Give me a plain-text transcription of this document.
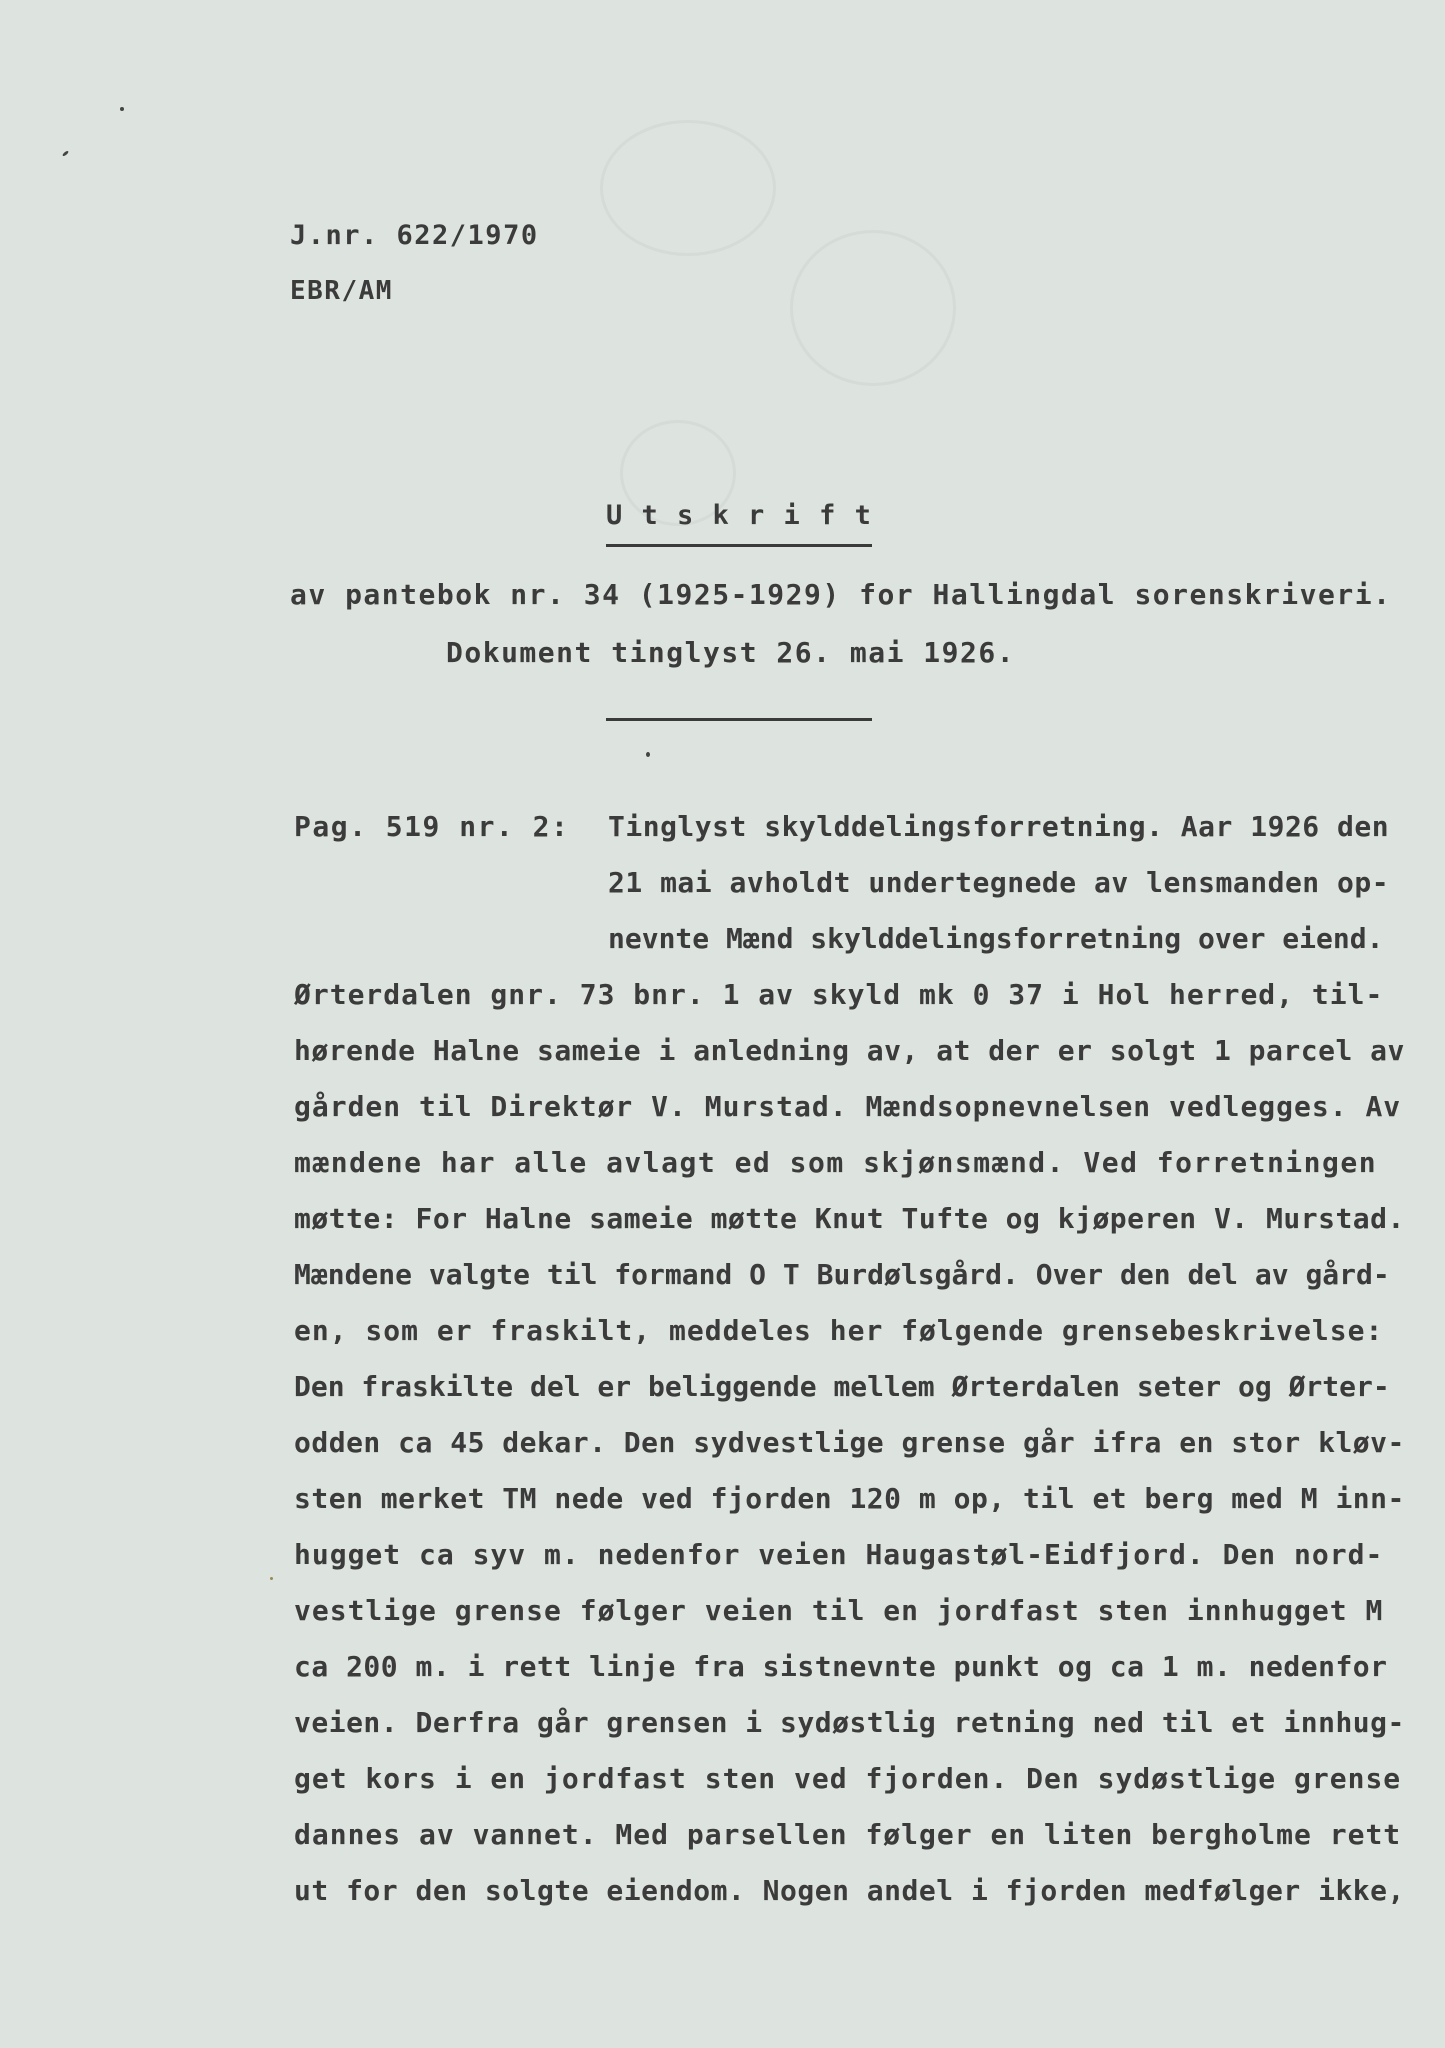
J.nr. 622/1970
EBR/AM
U t s k r i f t
av pantebok nr. 34 (1925-1929) for Hallingdal sorenskriveri.
Dokument tinglyst 26. mai 1926.
Pag. 519 nr. 2: Tinglyst skylddelingsforretning. Aar 1926 den
21 mai avholdt undertegnede av lensmanden op-
nevnte Mænd skylddelingsforretning over eiend.
Ørterdalen gnr. 73 bnr. 1 av skyld mk 0 37 i Hol herred, til-
hørende Halne sameie i anledning av, at der er solgt 1 parcel av
gården til Direktør V. Murstad. Mændsopnevnelsen vedlegges. Av
mændene har alle avlagt ed som skjønsmænd. Ved forretningen
møtte: For Halne sameie møtte Knut Tufte og kjøperen V. Murstad.
Mændene valgte til formand O T Burdølsgård. Over den del av gård-
en, som er fraskilt, meddeles her følgende grensebeskrivelse:
Den fraskilte del er beliggende mellem Ørterdalen seter og Ørter-
odden ca 45 dekar. Den sydvestlige grense går ifra en stor kløv-
sten merket TM nede ved fjorden 120 m op, til et berg med M inn-
hugget ca syv m. nedenfor veien Haugastøl-Eidfjord. Den nord-
vestlige grense følger veien til en jordfast sten innhugget M
ca 200 m. i rett linje fra sistnevnte punkt og ca 1 m. nedenfor
veien. Derfra går grensen i sydøstlig retning ned til et innhug-
get kors i en jordfast sten ved fjorden. Den sydøstlige grense
dannes av vannet. Med parsellen følger en liten bergholme rett
ut for den solgte eiendom. Nogen andel i fjorden medfølger ikke,
